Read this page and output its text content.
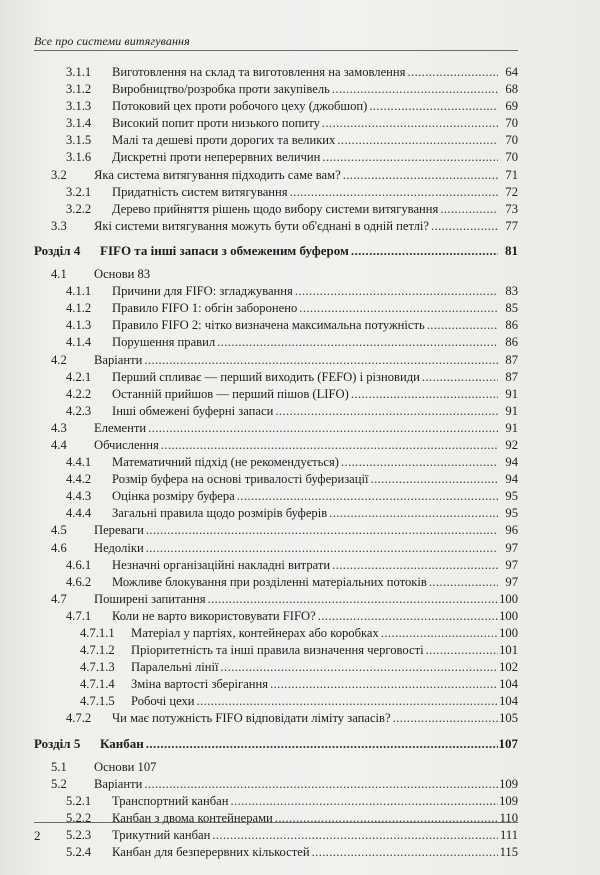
Все про системи витягування
3.1.1 Виготовлення на склад та виготовлення на замовлення .....	64
3.1.2 Виробництво/розробка проти закупівель .....	68
3.1.3 Потоковий цех проти робочого цеху (джобшоп) .....	69
3.1.4 Високий попит проти низького попиту .....	70
3.1.5 Малі та дешеві проти дорогих та великих .....	70
3.1.6 Дискретні проти неперервних величин .....	70
3.2 Яка система витягування підходить саме вам? .....	71
3.2.1 Придатність систем витягування .....	72
3.2.2 Дерево прийняття рішень щодо вибору системи витягування .....	73
3.3 Які системи витягування можуть бути об'єднані в одній петлі? .....	77
Розділ 4 FIFO та інші запаси з обмеженим буфером .....	81
4.1 Основи 83
4.1.1 Причини для FIFO: згладжування .....	83
4.1.2 Правило FIFO 1: обгін заборонено .....	85
4.1.3 Правило FIFO 2: чітко визначена максимальна потужність .....	86
4.1.4 Порушення правил .....	86
4.2 Варіанти .....	87
4.2.1 Перший спливає — перший виходить (FEFO) і різновиди .....	87
4.2.2 Останній прийшов — перший пішов (LIFO) .....	91
4.2.3 Інші обмежені буферні запаси .....	91
4.3 Елементи .....	91
4.4 Обчислення .....	92
4.4.1 Математичний підхід (не рекомендується) .....	94
4.4.2 Розмір буфера на основі тривалості буферизації .....	94
4.4.3 Оцінка розміру буфера .....	95
4.4.4 Загальні правила щодо розмірів буферів .....	95
4.5 Переваги .....	96
4.6 Недоліки .....	97
4.6.1 Незначні організаційні накладні витрати .....	97
4.6.2 Можливе блокування при розділенні матеріальних потоків .....	97
4.7 Поширені запитання .....	100
4.7.1 Коли не варто використовувати FIFO? .....	100
4.7.1.1 Матеріал у партіях, контейнерах або коробках .....	100
4.7.1.2 Пріоритетність та інші правила визначення черговості .....	101
4.7.1.3 Паралельні лінії .....	102
4.7.1.4 Зміна вартості зберігання .....	104
4.7.1.5 Робочі цехи .....	104
4.7.2 Чи має потужність FIFO відповідати ліміту запасів? .....	105
Розділ 5 Канбан .....	107
5.1 Основи 107
5.2 Варіанти .....	109
5.2.1 Транспортний канбан .....	109
5.2.2 Канбан з двома контейнерами .....	110
5.2.3 Трикутний канбан .....	111
5.2.4 Канбан для безперервних кількостей .....	115
2
